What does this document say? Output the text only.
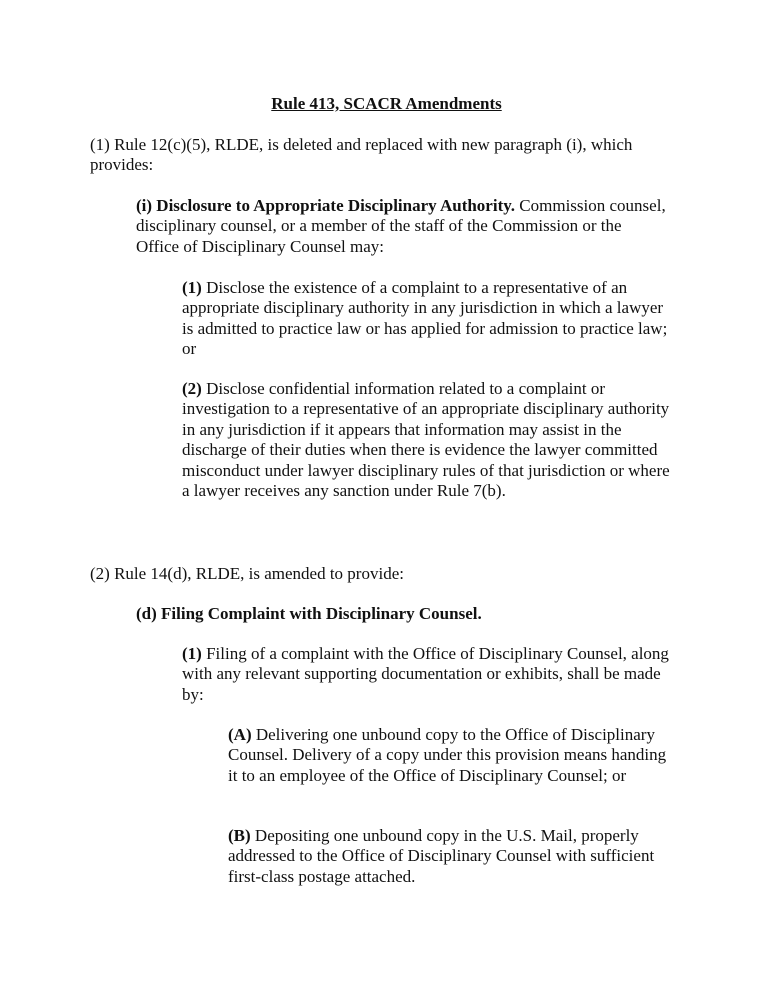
Rule 413, SCACR Amendments

(1) Rule 12(c)(5), RLDE, is deleted and replaced with new paragraph (i), which provides:

(i) Disclosure to Appropriate Disciplinary Authority. Commission counsel, disciplinary counsel, or a member of the staff of the Commission or the Office of Disciplinary Counsel may:

(1) Disclose the existence of a complaint to a representative of an appropriate disciplinary authority in any jurisdiction in which a lawyer is admitted to practice law or has applied for admission to practice law; or

(2) Disclose confidential information related to a complaint or investigation to a representative of an appropriate disciplinary authority in any jurisdiction if it appears that information may assist in the discharge of their duties when there is evidence the lawyer committed misconduct under lawyer disciplinary rules of that jurisdiction or where a lawyer receives any sanction under Rule 7(b).

(2) Rule 14(d), RLDE, is amended to provide:

(d) Filing Complaint with Disciplinary Counsel.

(1) Filing of a complaint with the Office of Disciplinary Counsel, along with any relevant supporting documentation or exhibits, shall be made by:

(A) Delivering one unbound copy to the Office of Disciplinary Counsel. Delivery of a copy under this provision means handing it to an employee of the Office of Disciplinary Counsel; or

(B) Depositing one unbound copy in the U.S. Mail, properly addressed to the Office of Disciplinary Counsel with sufficient first-class postage attached.
